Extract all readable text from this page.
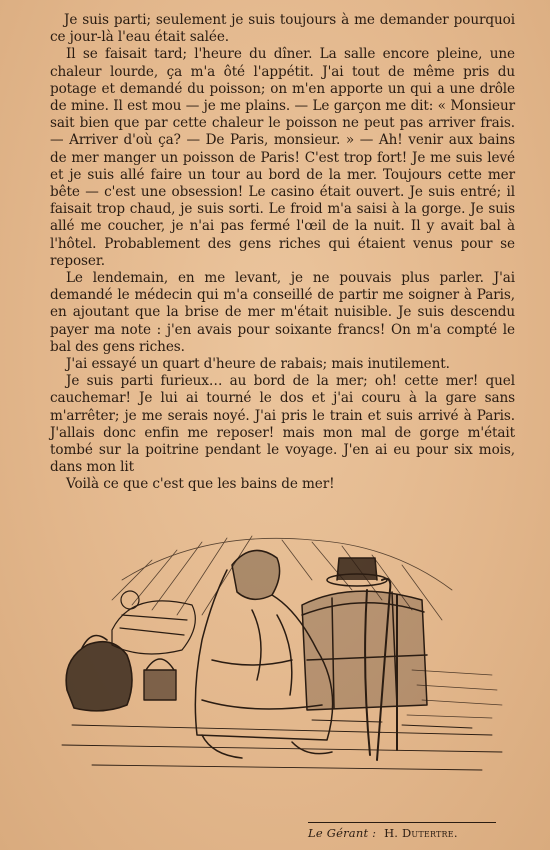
Je suis parti; seulement je suis toujours à me demander pourquoi ce jour-là l'eau était salée.

Il se faisait tard; l'heure du dîner. La salle encore pleine, une chaleur lourde, ça m'a ôté l'appétit. J'ai tout de même pris du potage et demandé du poisson; on m'en apporte un qui a une drôle de mine. Il est mou — je me plains. — Le garçon me dit: « Monsieur sait bien que par cette chaleur le poisson ne peut pas arriver frais. — Arriver d'où ça? — De Paris, monsieur. » — Ah! venir aux bains de mer manger un poisson de Paris! C'est trop fort! Je me suis levé et je suis allé faire un tour au bord de la mer. Toujours cette mer bête — c'est une obsession! Le casino était ouvert. Je suis entré; il faisait trop chaud, je suis sorti. Le froid m'a saisi à la gorge. Je suis allé me coucher, je n'ai pas fermé l'œil de la nuit. Il y avait bal à l'hôtel. Probablement des gens riches qui étaient venus pour se reposer.

Le lendemain, en me levant, je ne pouvais plus parler. J'ai demandé le médecin qui m'a conseillé de partir me soigner à Paris, en ajoutant que la brise de mer m'était nuisible. Je suis descendu payer ma note : j'en avais pour soixante francs! On m'a compté le bal des gens riches.

J'ai essayé un quart d'heure de rabais; mais inutilement.

Je suis parti furieux… au bord de la mer; oh! cette mer! quel cauchemar! Je lui ai tourné le dos et j'ai couru à la gare sans m'arrêter; je me serais noyé. J'ai pris le train et suis arrivé à Paris. J'allais donc enfin me reposer! mais mon mal de gorge m'était tombé sur la poitrine pendant le voyage. J'en ai eu pour six mois, dans mon lit

Voilà ce que c'est que les bains de mer!

Le Gérant : H. Dutertre.
